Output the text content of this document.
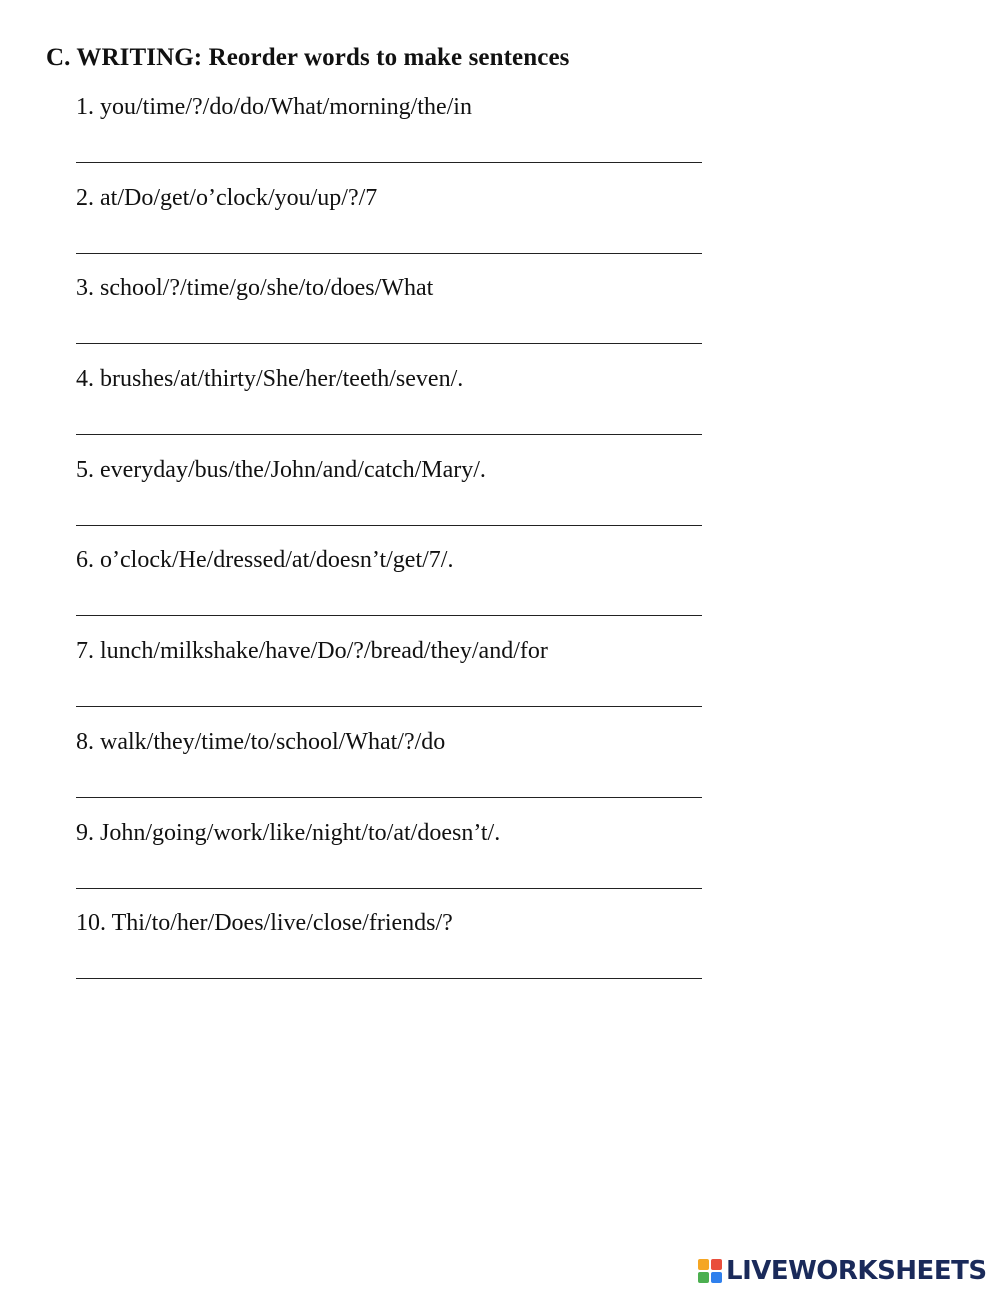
C. WRITING: Reorder words to make sentences
1. you/time/?/do/do/What/morning/the/in
2. at/Do/get/o’clock/you/up/?/7
3. school/?/time/go/she/to/does/What
4. brushes/at/thirty/She/her/teeth/seven/.
5. everyday/bus/the/John/and/catch/Mary/.
6. o’clock/He/dressed/at/doesn’t/get/7/.
7. lunch/milkshake/have/Do/?/bread/they/and/for
8. walk/they/time/to/school/What/?/do
9. John/going/work/like/night/to/at/doesn’t/.
10. Thi/to/her/Does/live/close/friends/?
LIVEWORKSHEETS
